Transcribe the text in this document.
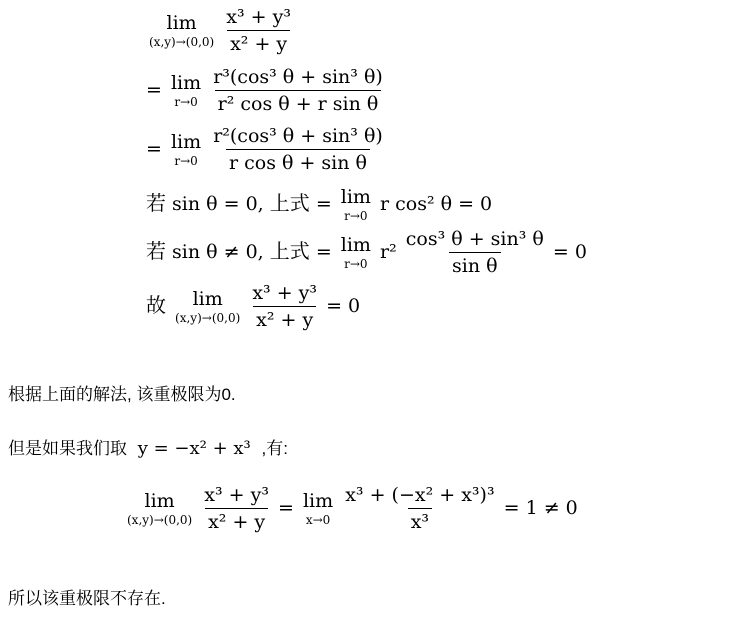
lim
(x,y)→(0,0)
$\frac{\text{x³ + y³}}{\text{x² + y}}$
= lim
r→0
$\frac{\text{r³(cos³ θ + sin³ θ)}}{\text{r² cos θ + r sin θ}}$
= lim
r→0
$\frac{\text{r²(cos³ θ + sin³ θ)}}{\text{r cos θ + sin θ}}$
若 sin θ = 0, 上式 = lim
r→0
r cos² θ = 0
若 sin θ ≠ 0, 上式 = lim
r→0
$r^2 \frac{\text{cos³ θ + sin³ θ}}{\text{sin θ}} = 0$
故 lim
(x,y)→(0,0)
$\frac{\text{x³ + y³}}{\text{x² + y}} = 0$
根据上面的解法, 该重极限为0.
但是如果我们取 y = −x² + x³ ,有:
lim
(x,y)→(0,0)
$\frac{\text{x³ + y³}}{\text{x² + y}} = \lim$
x→0
$\frac{\text{x³ + (−x² + x³)³}}{\text{x³}} = 1 \ne 0$
所以该重极限不存在.
